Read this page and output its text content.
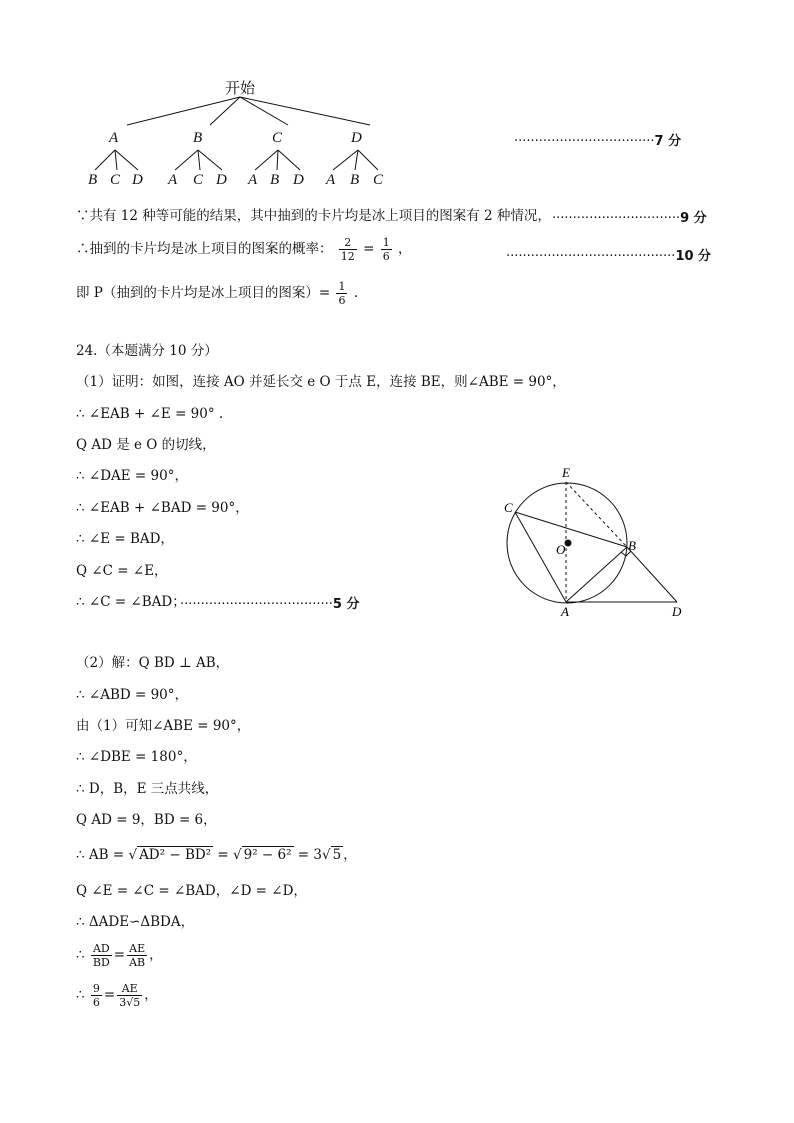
开始
A	B	C	D
B C D A C D A B D A B C
··································7 分
∵共有 12 种等可能的结果，其中抽到的卡片均是冰上项目的图案有 2 种情况， ·······························9 分
∴抽到的卡片均是冰上项目的图案的概率： $\frac{2}{12} = \frac{1}{6}$ ，	·········································10 分
即 P（抽到的卡片均是冰上项目的图案）= $\frac{1}{6}$ .
24.（本题满分 10 分）
（1）证明：如图，连接 AO 并延长交 e O 于点 E，连接 BE，则∠ABE = 90°，
∴ ∠EAB + ∠E = 90° .
Q AD 是 e O 的切线，
∴ ∠DAE = 90°，
∴ ∠EAB + ∠BAD = 90°，
∴ ∠E = BAD，
Q ∠C = ∠E，
∴ ∠C = ∠BAD；
·····································5 分
E
C
O	B
A	D
（2）解：Q BD ⊥ AB，
∴ ∠ABD = 90°，
由（1）可知∠ABE = 90°，
∴ ∠DBE = 180°，
∴ D，B，E 三点共线，
Q AD = 9，BD = 6，
∴ AB = √ AD² − BD² = √ 9² − 6² = 3√ 5 ，
Q ∠E = ∠C = ∠BAD，∠D = ∠D，
∴ ΔADE∽ΔBDA，
∴ $\frac{AD}{BD} = \frac{AE}{AB}$ ，
∴ $\frac{9}{6} = \frac{AE}{3√5}$ ，
